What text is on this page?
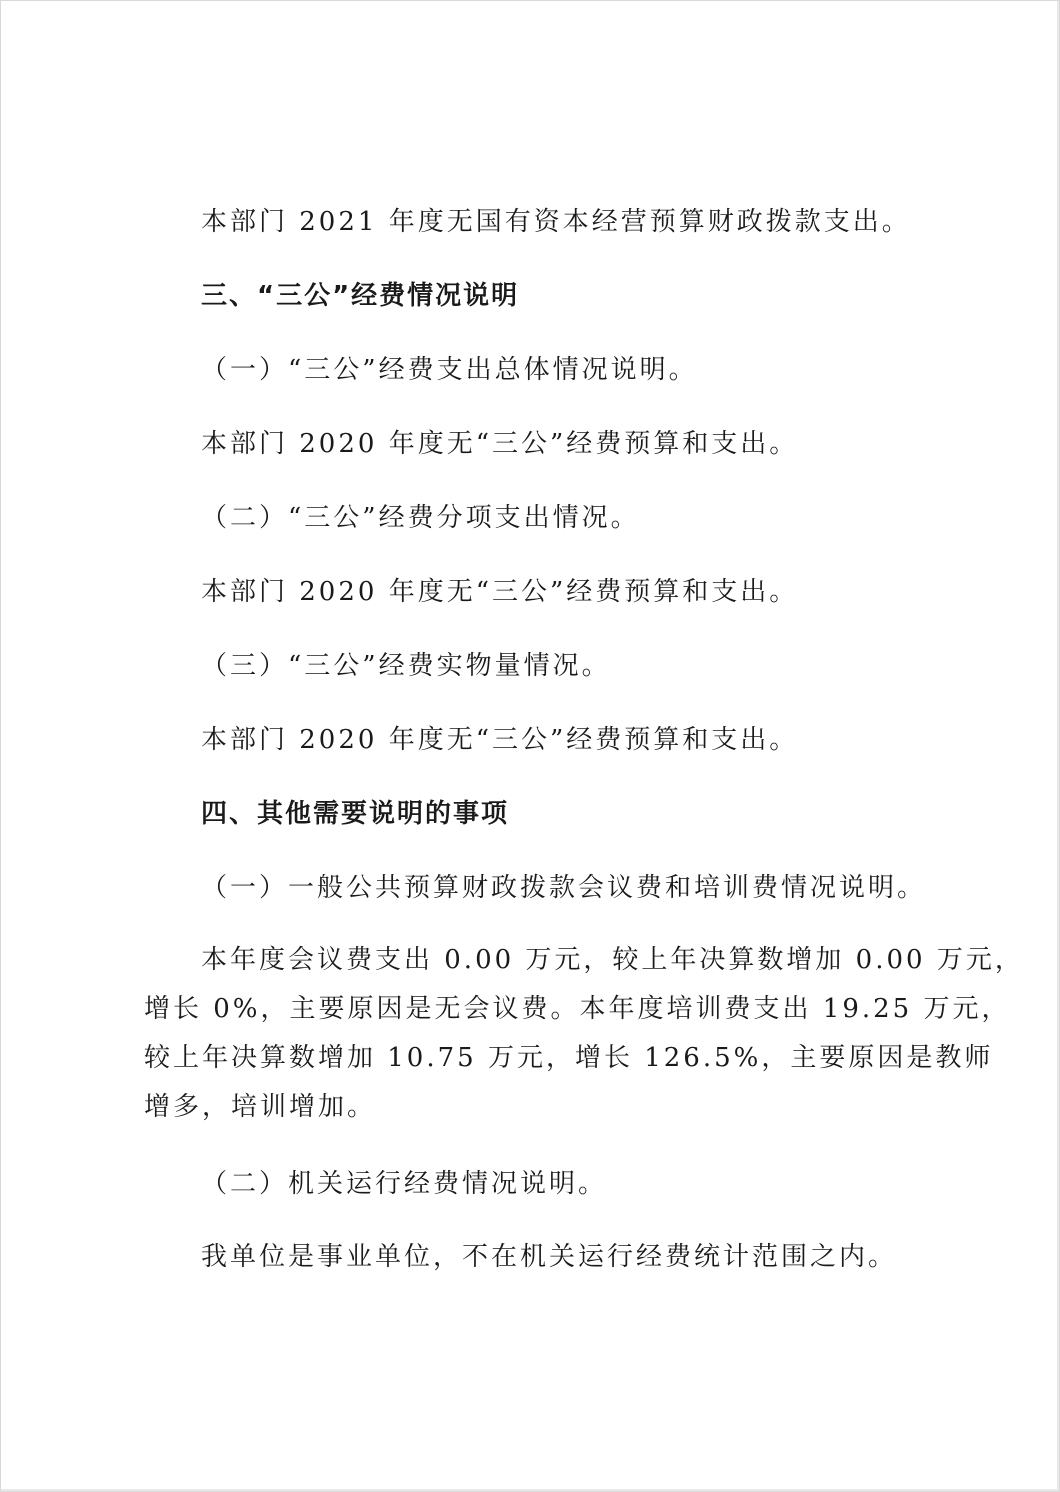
本部门 2021 年度无国有资本经营预算财政拨款支出。
三、“三公”经费情况说明
（一）“三公”经费支出总体情况说明。
本部门 2020 年度无“三公”经费预算和支出。
（二）“三公”经费分项支出情况。
本部门 2020 年度无“三公”经费预算和支出。
（三）“三公”经费实物量情况。
本部门 2020 年度无“三公”经费预算和支出。
四、其他需要说明的事项
（一）一般公共预算财政拨款会议费和培训费情况说明。
本年度会议费支出 0.00 万元，较上年决算数增加 0.00 万元，
增长 0%，主要原因是无会议费。本年度培训费支出 19.25 万元，
较上年决算数增加 10.75 万元，增长 126.5%，主要原因是教师
增多，培训增加。
（二）机关运行经费情况说明。
我单位是事业单位，不在机关运行经费统计范围之内。
